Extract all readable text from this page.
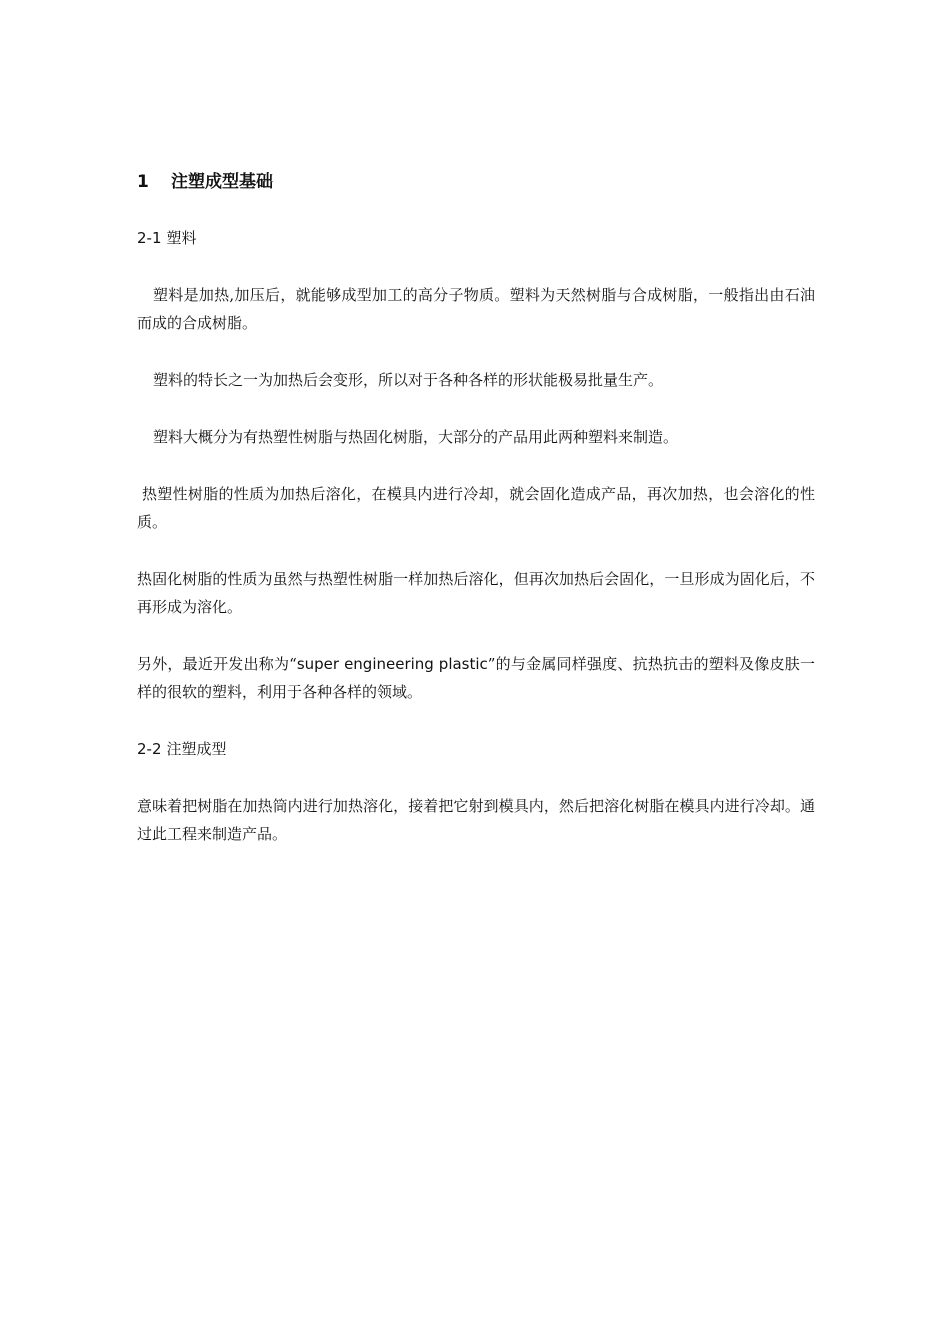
1 注塑成型基础
2-1 塑料

塑料是加热,加压后，就能够成型加工的高分子物质。塑料为天然树脂与合成树脂，一般指出由石油而成的合成树脂。

塑料的特长之一为加热后会变形，所以对于各种各样的形状能极易批量生产。

塑料大概分为有热塑性树脂与热固化树脂，大部分的产品用此两种塑料来制造。

热塑性树脂的性质为加热后溶化，在模具内进行冷却，就会固化造成产品，再次加热，也会溶化的性质。

热固化树脂的性质为虽然与热塑性树脂一样加热后溶化，但再次加热后会固化，一旦形成为固化后，不再形成为溶化。

另外，最近开发出称为“super engineering plastic”的与金属同样强度、抗热抗击的塑料及像皮肤一样的很软的塑料，利用于各种各样的领域。

2-2 注塑成型

意味着把树脂在加热筒内进行加热溶化，接着把它射到模具内，然后把溶化树脂在模具内进行冷却。通过此工程来制造产品。
